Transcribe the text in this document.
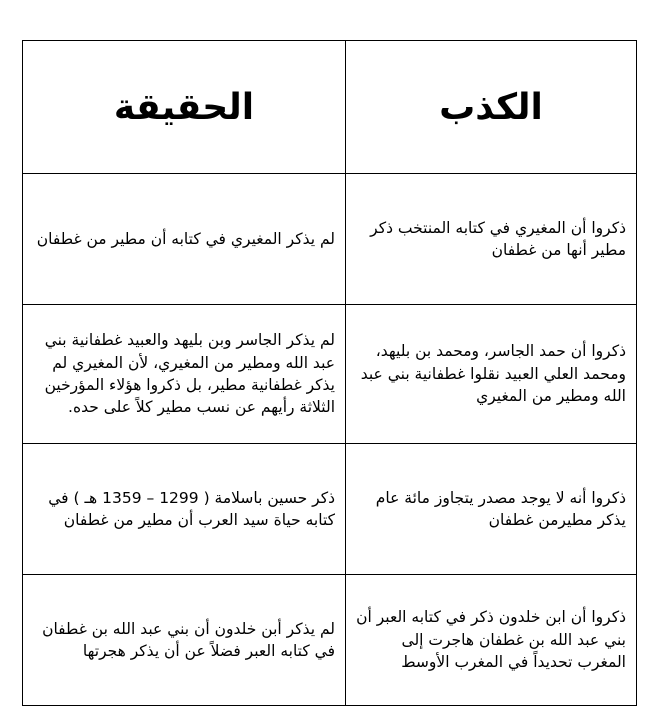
الكذب	الحقيقة
ذكروا أن المغيري في كتابه المنتخب ذكر مطير أنها من غطفان	لم يذكر المغيري في كتابه أن مطير من غطفان
ذكروا أن حمد الجاسر، ومحمد بن بليهد، ومحمد العلي العبيد نقلوا غطفانية بني عبد الله ومطير من المغيري	لم يذكر الجاسر وبن بليهد والعبيد غطفانية بني عبد الله ومطير من المغيري، لأن المغيري لم يذكر غطفانية مطير، بل ذكروا هؤلاء المؤرخين الثلاثة رأيهم عن نسب مطير كلاً على حده.
ذكروا أنه لا يوجد مصدر يتجاوز مائة عام يذكر مطيرمن غطفان	ذكر حسين باسلامة ( 1299 – 1359 هـ ) في كتابه حياة سيد العرب أن مطير من غطفان
ذكروا أن ابن خلدون ذكر في كتابه العبر أن بني عبد الله بن غطفان هاجرت إلى المغرب تحديداً في المغرب الأوسط	لم يذكر أبن خلدون أن بني عبد الله بن غطفان في كتابه العبر فضلاً عن أن يذكر هجرتها
